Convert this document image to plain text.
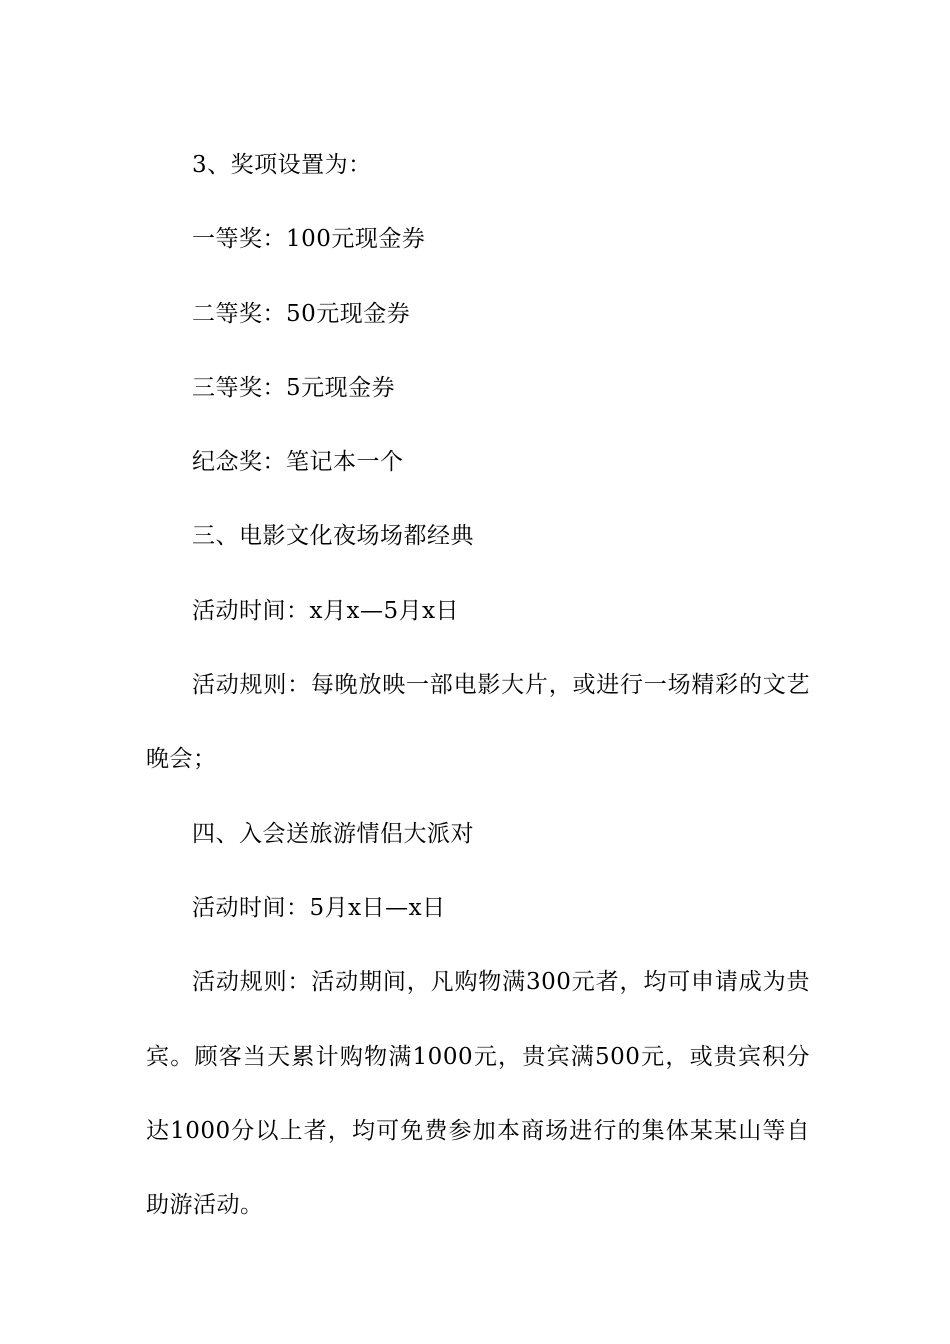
3、奖项设置为：

一等奖：100元现金券

二等奖：50元现金券

三等奖：5元现金券

纪念奖：笔记本一个

三、电影文化夜场场都经典

活动时间：x月x—5月x日

活动规则：每晚放映一部电影大片，或进行一场精彩的文艺晚会；

四、入会送旅游情侣大派对

活动时间：5月x日—x日

活动规则：活动期间，凡购物满300元者，均可申请成为贵宾。顾客当天累计购物满1000元，贵宾满500元，或贵宾积分达1000分以上者，均可免费参加本商场进行的集体某某山等自助游活动。
